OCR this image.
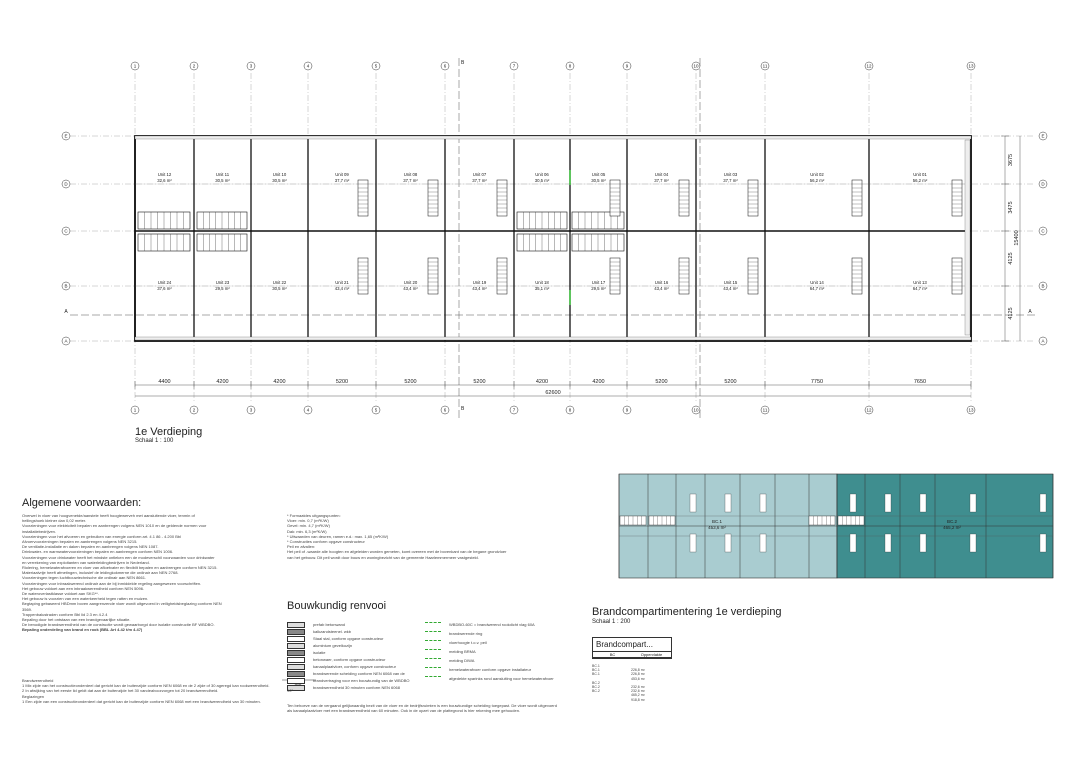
1
1
2
2
3
3
4
4
5
5
6
6
7
7
8
8
9
9
10
10
11
11
12
12
13
13
E	E
D	D
C	C
B	B
A	A
B
B
A	A
Unit 12
32,6 m²
Unit 11
30,5 m²
Unit 10
30,5 m²
Unit 09
37,7 m²
Unit 08
37,7 m²
Unit 07
37,7 m²
Unit 06
30,5 m²
Unit 05
30,5 m²
Unit 04
37,7 m²
Unit 03
37,7 m²
Unit 02
56,2 m²
Unit 01
56,2 m²
Unit 24
37,6 m²
Unit 23
29,5 m²
Unit 22
30,5 m²
Unit 21
43,4 m²
Unit 20
43,4 m²
Unit 19
43,4 m²
Unit 18
35,1 m²
Unit 17
29,5 m²
Unit 16
43,4 m²
Unit 15
43,4 m²
Unit 14
64,7 m²
Unit 13
64,7 m²
4400	4200	4200	5200	5200	5200	4200	4200	5200	5200	7750	7650
62600
3675
3475
4125
4125
15400
BC.1
453,6 m²
BC.2
465,2 m²
1e Verdieping
Schaal 1 : 100
Algemene voorwaarden:
Overwel in vloer van hoogvenetde/aanstele heeft hoogtewerveh met aansluitende vloer, tenmin of
hellingshoek kleiner dan 0,02 meter.
Voorzieningen voor elektriciteit bepalen en aanbrengen volgens NEN 1010 en de geldende normen voor
installatiebedrijven.
Voorzieningen voor het afvoeren en gebruiken van energie conform art. 4.1 86 - 4.200 Bbl
Afvoervoorzieningen bepalen en aanbrengen volgens NEN 3215.
De ventilatie-installatie en daken bepalen en aanbrengen volgens NEN 1087.
Drinkwater- en warmwatervoorzieningen bepalen en aanbrengen conform NEN 1006.
Voorzieningen voor drinkwater heeft het mindste ontleken een de modeverschil voorwaarden voor drinkwater
en verrekening van exploitanten van waterleidingbedrijven in Nederland.
Riolering, hemelwaterafvoeren en vloer van afloetvater en flexibilt bepalen en aanbrengen conform NEN 3215.
Materiaalvrije heeft afmetingen, inclusief de leidingkokmerne die ordinair aan NEN 2768.
Voorzieningen tegen luchtbouwtechnische die ordinair aan NEN 8661.
Voorzieningen voor inbraakwerend ordinair aan de bij inmiddelde regeling aangewezen voorschriften.
Het gebouw voldoet aan een inbraakwerendheid conform NEN 5096.
De wateroverlastklasse voldoet aan SKG**.
Het gebouw is voorzien van een waterkeerheid tegen ratten en muizen.
Begtaping gebaseerd HBDmm boven aangrenzende vloer wordt uitgevoerd in veiligheidsbeglazing conform NEN
3569.
Trappenbalustraden conform Bbl lid 2.3 en 4.2.4
Bepaling door het ontstaan van een brandgevaarlijke situatie.
De benodigde brandwerendheid van de constructie wordt gewaarborgd door isolatie constructie BF WBDBO.
Bepaling onderdeling van brand en rook (BBL Art 4.42 t/m 4.47)
Brandwerendheid
1 Mix zijde van het constructieonderdeel dat gericht kan de buitenzijde conform NEN 6068 en de 2 zijde of 30 ageregd kan rookwerendheid.
2 In afwijking van het eerste lid geldt dat aan de buitenzijde het 30 vandealvoorzorgen tot 20 brandwerendheid.
Beglazingen
1 Een zijde van een constructieonderdeel dat gericht kan de buitenzijde conform NEN 6068 met een brandwerendheid van 30 minuten.
* Formaatdes uitgangspunten:
Vloer: min. 0,7 (m²K/W)
Gevel: min. 4,7 (m²K/W)
Dak: min. 6,3 (m²K/W)
* Uitwaarden van deuren, ramen e.d.: max. 1,65 (m²K/W)
* Constructies conform opgave constructeur
Peil en afvallen:
Het peil of -waarde alle hoogten en afgeleiden worden gemeten, komt overeen met de bovenkant van de begane grondvloer
van het gebouw. Dit peil wordt door bouw en woningbezicht van de gemeente Haarlemmermeer vastgesteld.
Bouwkundig renvooi
prefab betonwand
kalkzandsteenel. wkb
Staal stal, conform opgave constructeur
aluminium gevelkozijn
isolatie
betonwaer, conform opgave constructeur
kanaalplaatvloer, conform opgave constructeur
brandwerende scheiding conform NEN 6068 van de
brandvertraging voor een bouwkundig van de WBDBO
brandwerendheid 30 minuten conform NEN 6068
WBDBO-60C = brandwerend rookdicht vlag 60A
brandwerende ring
vloerhoogte t.o.v. peil
melding BRMA
melding DIWA
hemelwaterafvoer conform opgave installateur
afgedekte sparinks rond aansluiting voor hemelwaterafvoer
Ten behoeve van de vergaand gelijkwaardig bezit van de vloer en de bedrijfsruimten is een bouwkundige scheiding toegepast. De vloer wordt uitgevoerd als kanaalplaatvloer met een brandwerendheid van 60 minuten. Ook in de opzet van de plattegrond is hier rekening mee gehouden.
90°
Brandcompartimentering 1e verdieping
Schaal 1 : 200
Brandcompart...
BC	Oppervlakte
BC.1
BC.1	226,8 m²
BC.1	226,8 m²
453,6 m²
BC.2
BC.2	232,6 m²
BC.2	232,6 m²
465,2 m²
918,8 m²
